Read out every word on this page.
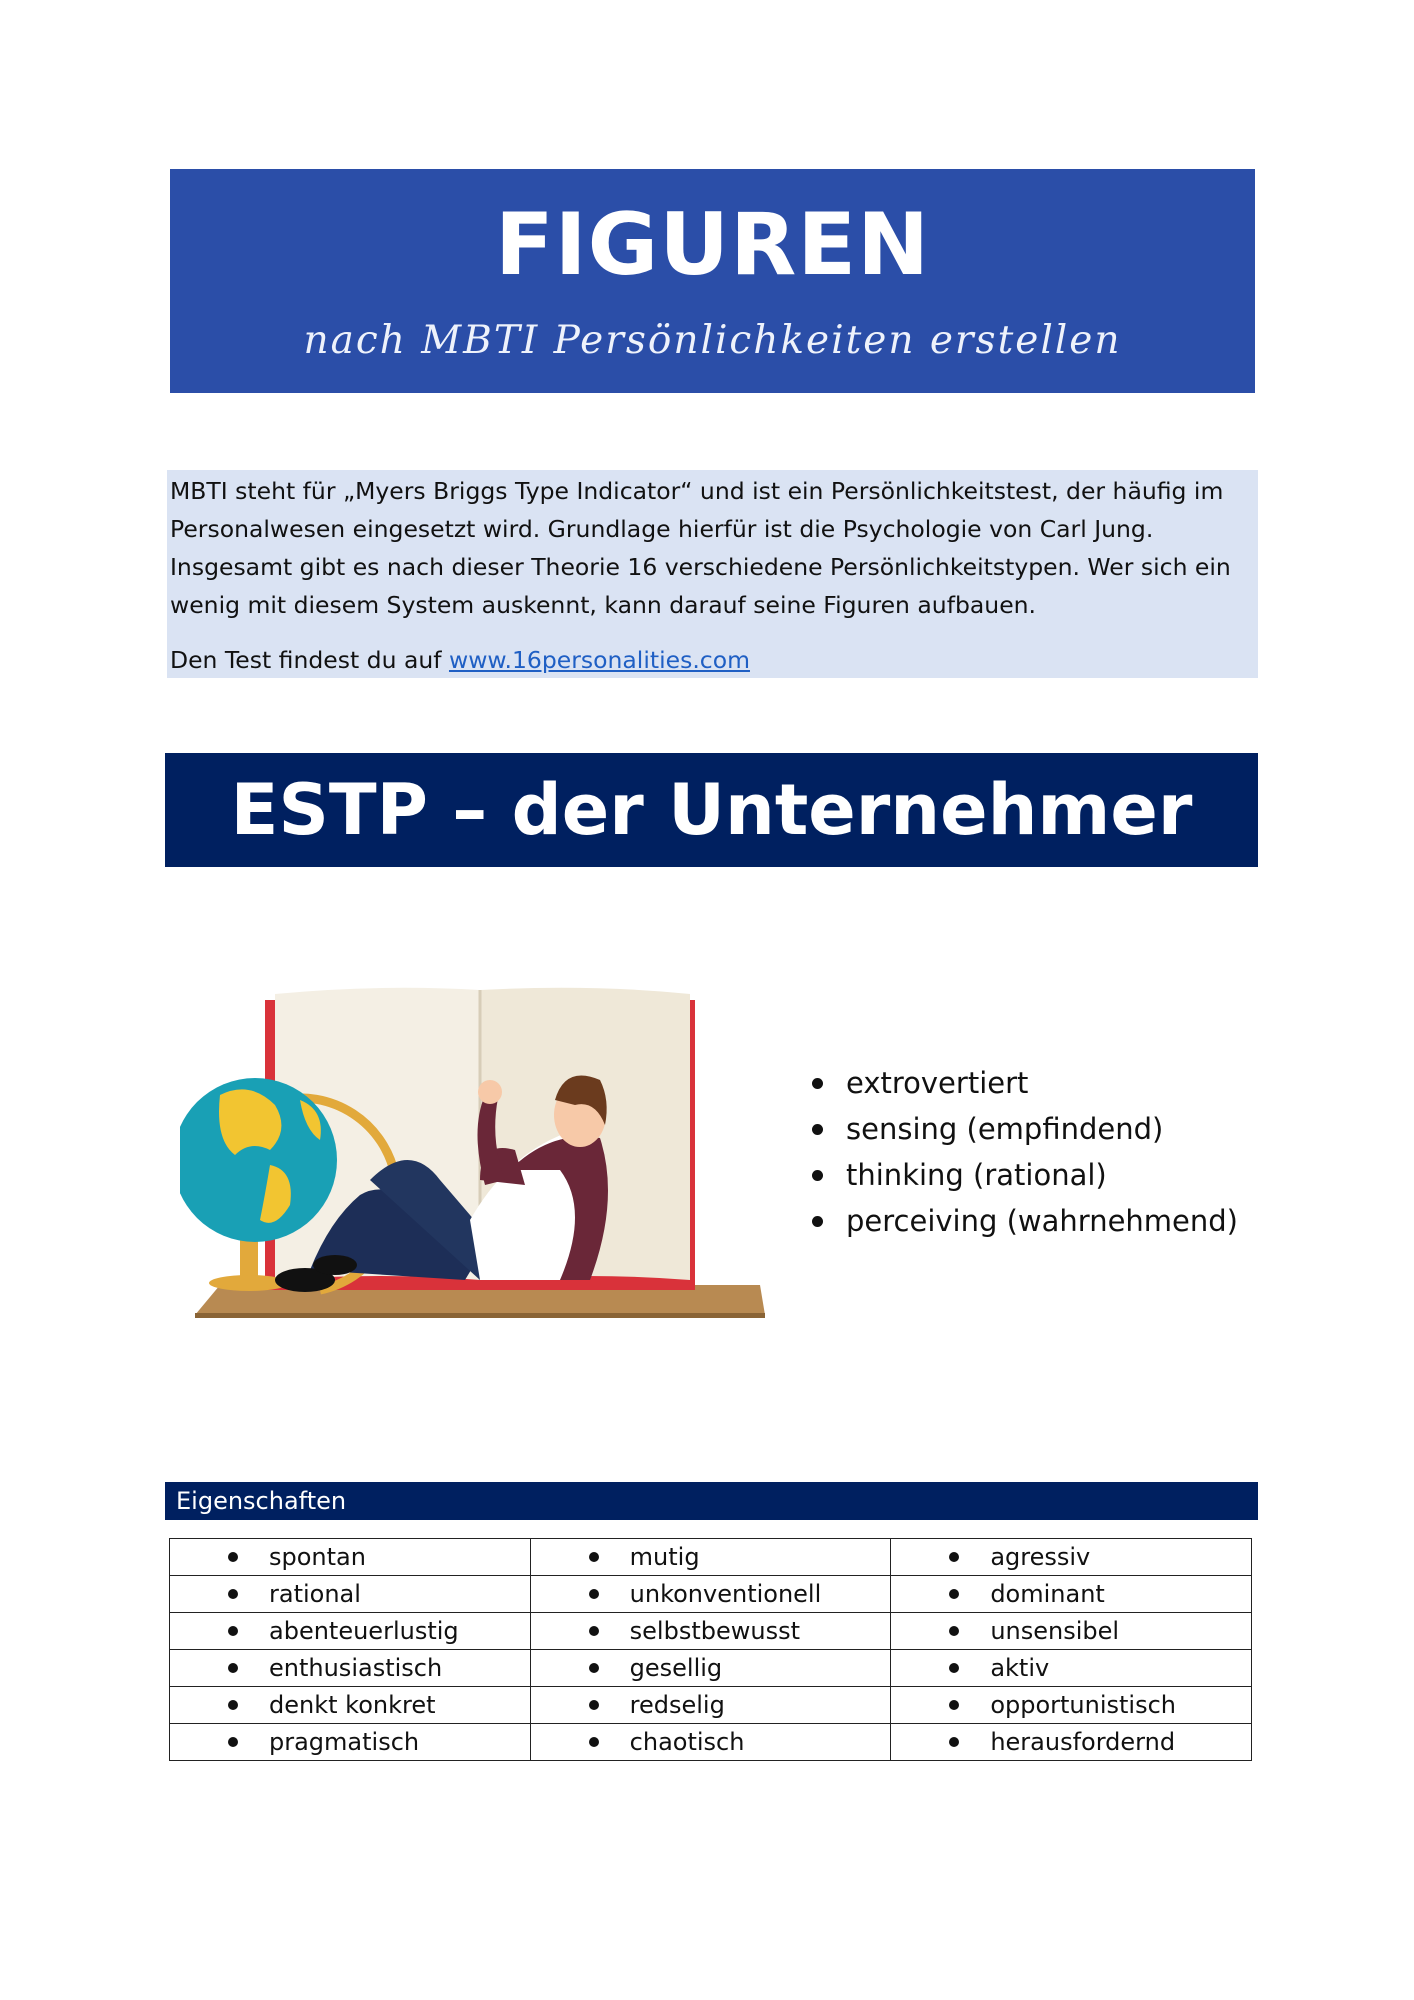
FIGUREN
nach MBTI Persönlichkeiten erstellen

MBTI steht für „Myers Briggs Type Indicator“ und ist ein Persönlichkeitstest, der häufig im Personalwesen eingesetzt wird. Grundlage hierfür ist die Psychologie von Carl Jung. Insgesamt gibt es nach dieser Theorie 16 verschiedene Persönlichkeitstypen. Wer sich ein wenig mit diesem System auskennt, kann darauf seine Figuren aufbauen.

Den Test findest du auf www.16personalities.com

ESTP – der Unternehmer
extrovertiert
sensing (empfindend)
thinking (rational)
perceiving (wahrnehmend)
Eigenschaften
spontan	mutig	agressiv

rational	unkonventionell	dominant

abenteuerlustig	selbstbewusst	unsensibel

enthusiastisch	gesellig	aktiv

denkt konkret	redselig	opportunistisch

pragmatisch	chaotisch	herausfordernd
